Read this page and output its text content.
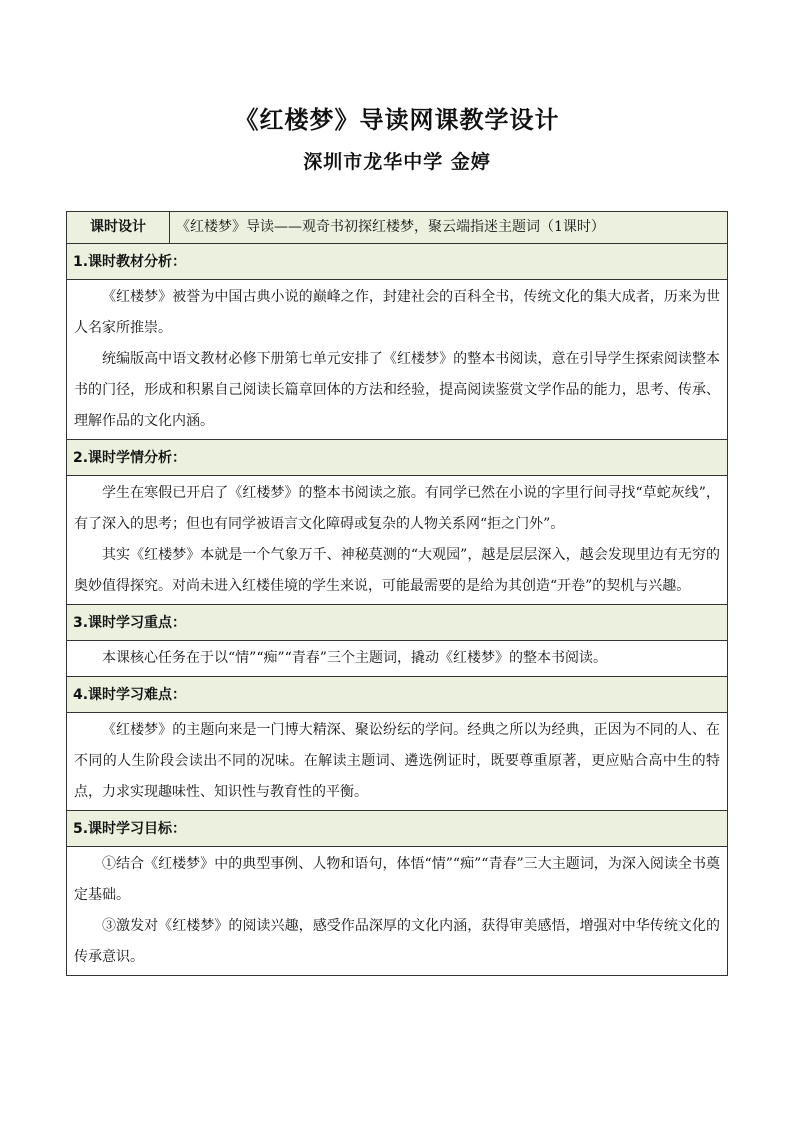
《红楼梦》导读网课教学设计
深圳市龙华中学 金婷
课时设计	《红楼梦》导读——观奇书初探红楼梦，聚云端指迷主题词（1课时）
1.课时教材分析：

《红楼梦》被誉为中国古典小说的巅峰之作，封建社会的百科全书，传统文化的集大成者，历来为世人名家所推崇。

统编版高中语文教材必修下册第七单元安排了《红楼梦》的整本书阅读，意在引导学生探索阅读整本书的门径，形成和积累自己阅读长篇章回体的方法和经验，提高阅读鉴赏文学作品的能力，思考、传承、理解作品的文化内涵。

2.课时学情分析：

学生在寒假已开启了《红楼梦》的整本书阅读之旅。有同学已然在小说的字里行间寻找“草蛇灰线”，有了深入的思考；但也有同学被语言文化障碍或复杂的人物关系网“拒之门外”。

其实《红楼梦》本就是一个气象万千、神秘莫测的“大观园”，越是层层深入，越会发现里边有无穷的奥妙值得探究。对尚未进入红楼佳境的学生来说，可能最需要的是给为其创造“开卷”的契机与兴趣。

3.课时学习重点：

本课核心任务在于以“情”“痴”“青春”三个主题词，撬动《红楼梦》的整本书阅读。

4.课时学习难点：

《红楼梦》的主题向来是一门博大精深、聚讼纷纭的学问。经典之所以为经典，正因为不同的人、在不同的人生阶段会读出不同的况味。在解读主题词、遴选例证时，既要尊重原著，更应贴合高中生的特点，力求实现趣味性、知识性与教育性的平衡。

5.课时学习目标：

①结合《红楼梦》中的典型事例、人物和语句，体悟“情”“痴”“青春”三大主题词，为深入阅读全书奠定基础。

③激发对《红楼梦》的阅读兴趣，感受作品深厚的文化内涵，获得审美感悟，增强对中华传统文化的传承意识。
